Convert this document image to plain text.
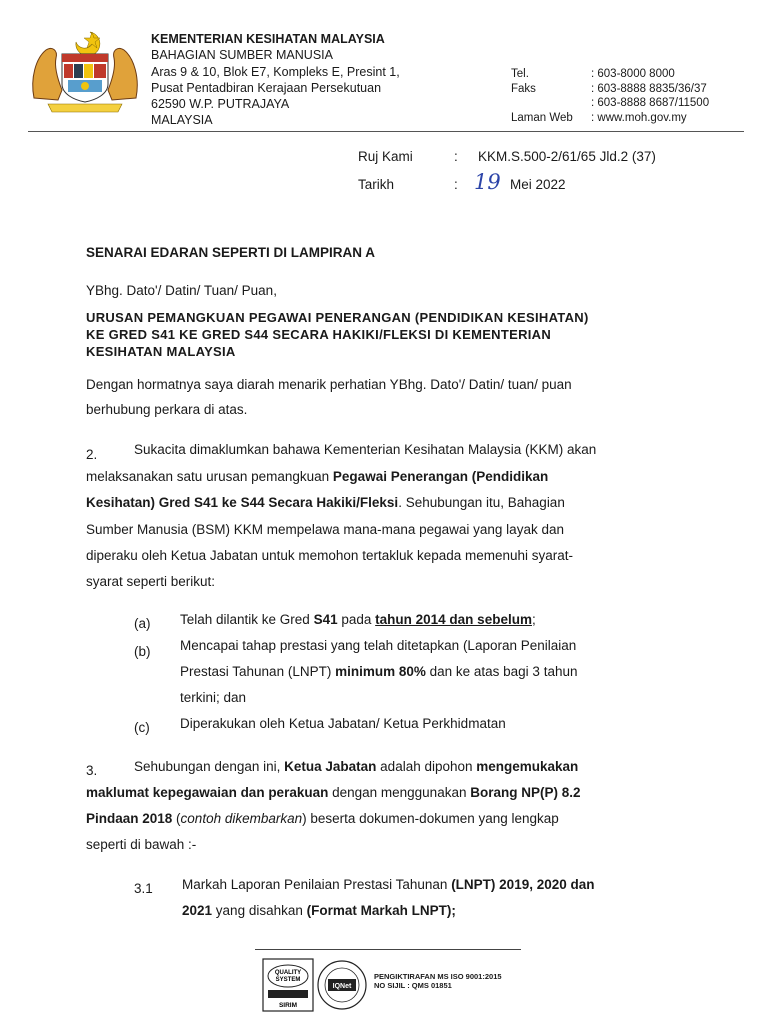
KEMENTERIAN KESIHATAN MALAYSIA
BAHAGIAN SUMBER MANUSIA
Aras 9 & 10, Blok E7, Kompleks E, Presint 1,
Pusat Pentadbiran Kerajaan Persekutuan
62590 W.P. PUTRAJAYA
MALAYSIA
Tel.	: 603-8000 8000
Faks	: 603-8888 8835/36/37
: 603-8888 8687/11500
Laman Web : www.moh.gov.my
Ruj Kami	: KKM.S.500-2/61/65 Jld.2 (37)
Tarikh	: 19 Mei 2022
SENARAI EDARAN SEPERTI DI LAMPIRAN A
YBhg. Dato'/ Datin/ Tuan/ Puan,
URUSAN PEMANGKUAN PEGAWAI PENERANGAN (PENDIDIKAN KESIHATAN)
KE GRED S41 KE GRED S44 SECARA HAKIKI/FLEKSI DI KEMENTERIAN
KESIHATAN MALAYSIA
Dengan hormatnya saya diarah menarik perhatian YBhg. Dato'/ Datin/ tuan/ puan
berhubung perkara di atas.
2.	Sukacita dimaklumkan bahawa Kementerian Kesihatan Malaysia (KKM) akan
melaksanakan satu urusan pemangkuan Pegawai Penerangan (Pendidikan
Kesihatan) Gred S41 ke S44 Secara Hakiki/Fleksi. Sehubungan itu, Bahagian
Sumber Manusia (BSM) KKM mempelawa mana-mana pegawai yang layak dan
diperaku oleh Ketua Jabatan untuk memohon tertakluk kepada memenuhi syarat-
syarat seperti berikut:
(a) Telah dilantik ke Gred S41 pada tahun 2014 dan sebelum;
(b) Mencapai tahap prestasi yang telah ditetapkan (Laporan Penilaian
Prestasi Tahunan (LNPT) minimum 80% dan ke atas bagi 3 tahun
terkini; dan
(c) Diperakukan oleh Ketua Jabatan/ Ketua Perkhidmatan
3.	Sehubungan dengan ini, Ketua Jabatan adalah dipohon mengemukakan
maklumat kepegawaian dan perakuan dengan menggunakan Borang NP(P) 8.2
Pindaan 2018 (contoh dikembarkan) beserta dokumen-dokumen yang lengkap
seperti di bawah :-
3.1 Markah Laporan Penilaian Prestasi Tahunan (LNPT) 2019, 2020 dan
2021 yang disahkan (Format Markah LNPT);
QUALITY
SYSTEM
SIRIM
IQNet
PENGIKTIRAFAN MS ISO 9001:2015
NO SIJIL : QMS 01851
